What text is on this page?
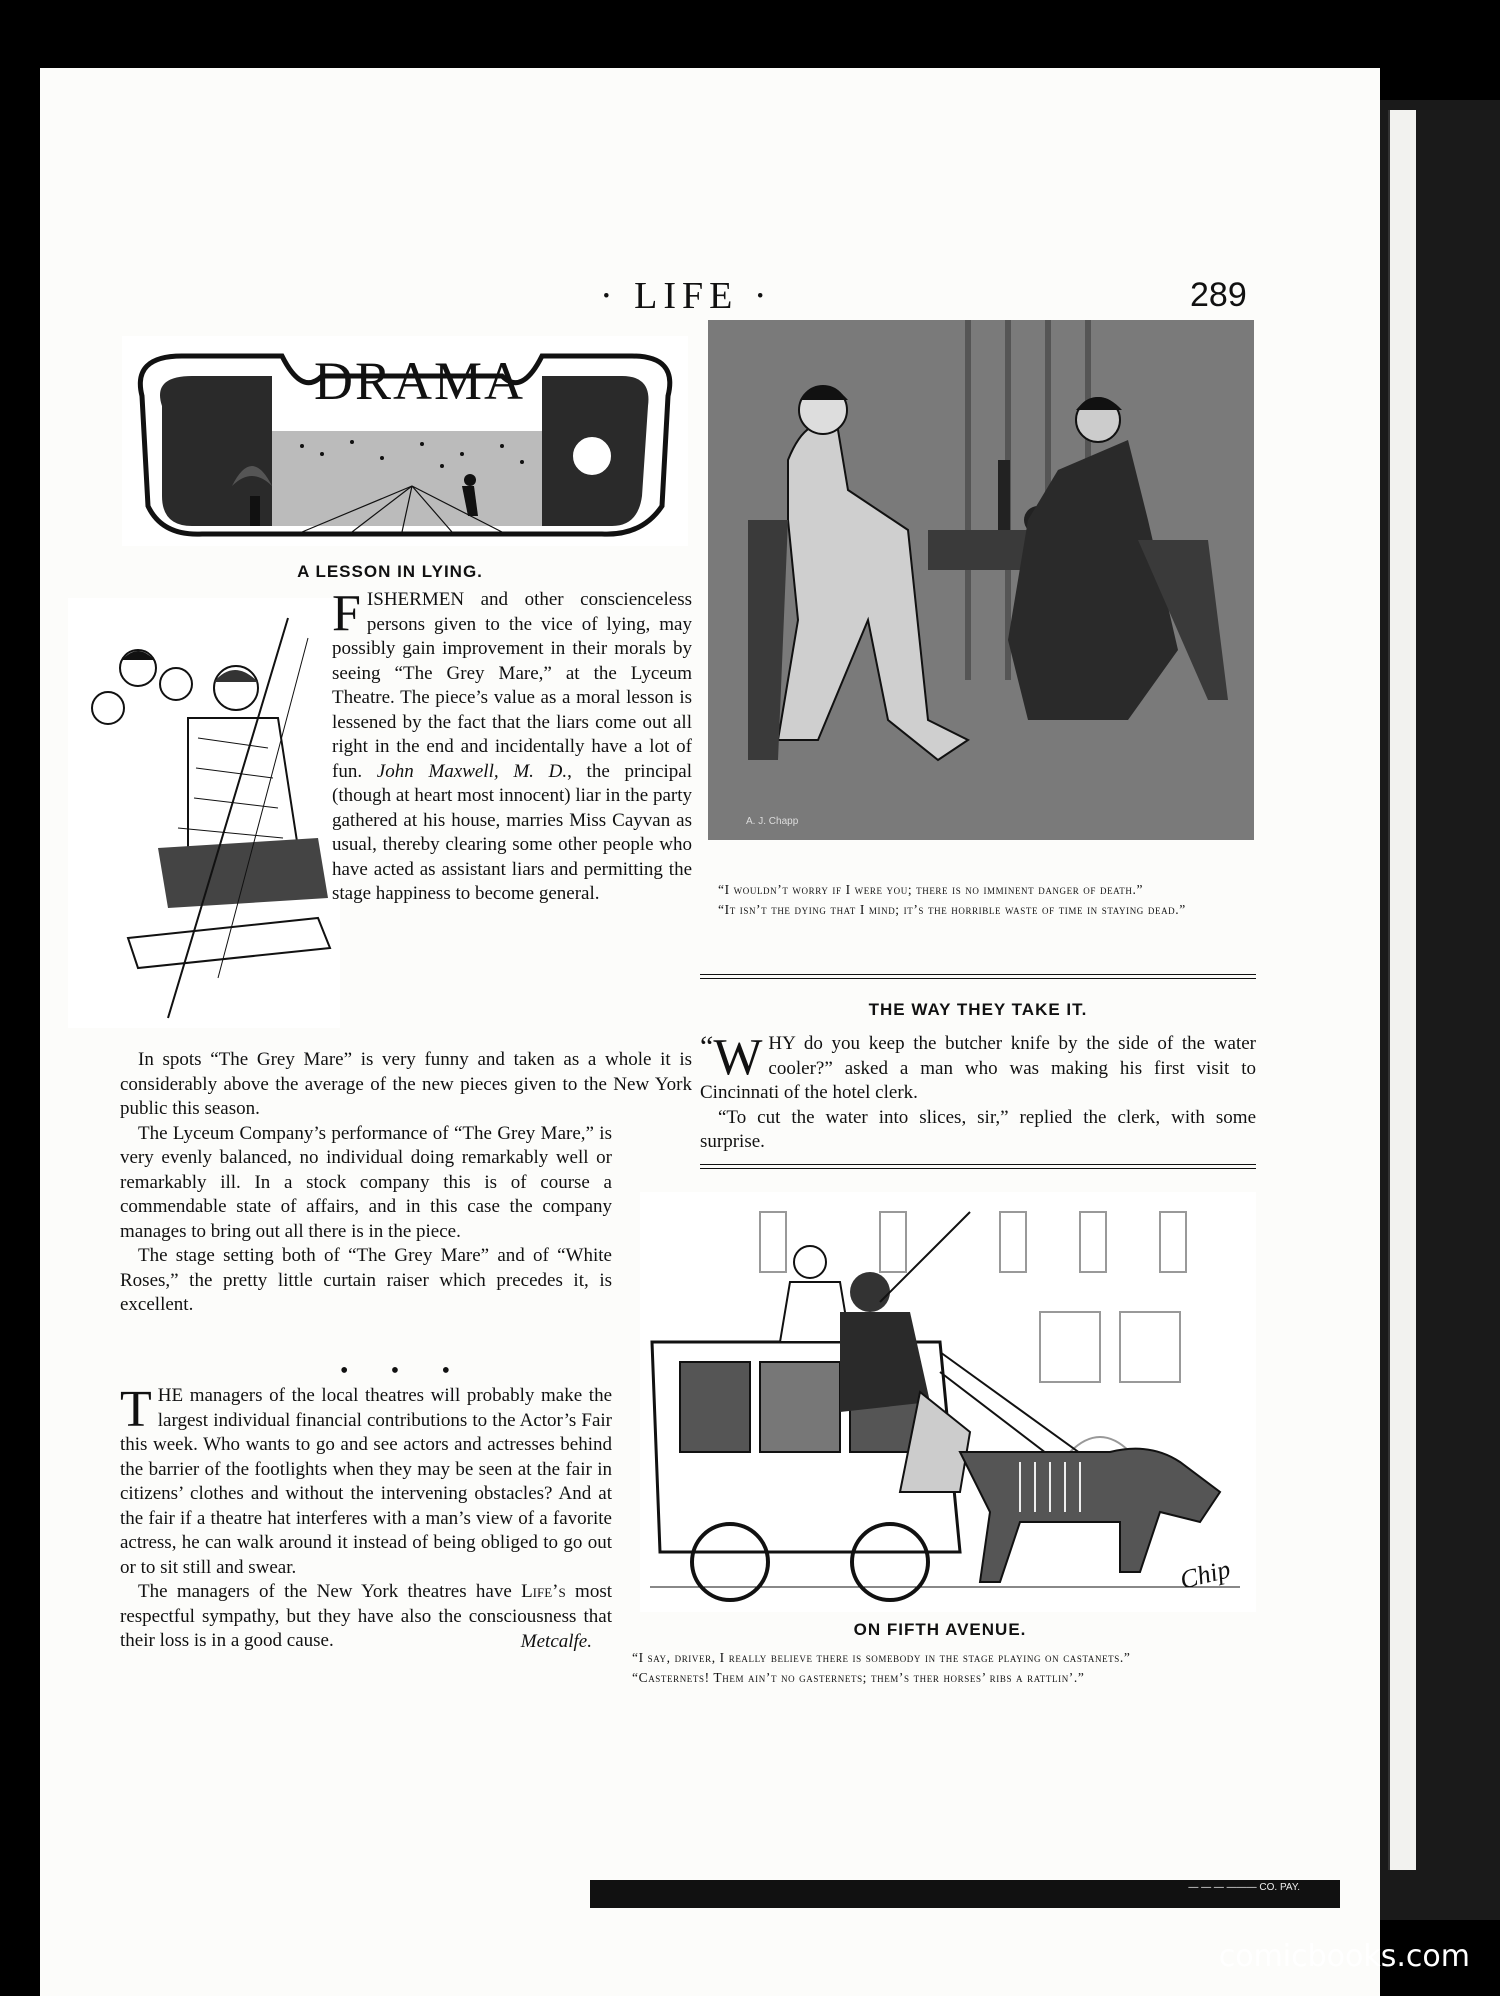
· LIFE ·	289
DRAMA
A LESSON IN LYING.
F ISHERMEN and other conscienceless persons given to the vice of lying, may possibly gain improvement in their morals by seeing “The Grey Mare,” at the Lyceum Theatre. The piece’s value as a moral lesson is lessened by the fact that the liars come out all right in the end and incidentally have a lot of fun. John Maxwell, M. D., the principal (though at heart most innocent) liar in the party gathered at his house, marries Miss Cayvan as usual, thereby clearing some other people who have acted as assistant liars and permitting the stage happiness to become general.

In spots “The Grey Mare” is very funny and taken as a whole it is considerably above the average of the new pieces given to the New York public this season.

The Lyceum Company’s performance of “The Grey Mare,” is very evenly balanced, no individual doing remarkably well or remarkably ill. In a stock company this is of course a commendable state of affairs, and in this case the company manages to bring out all there is in the piece.

The stage setting both of “The Grey Mare” and of “White Roses,” the pretty little curtain raiser which precedes it, is excellent.

• • •
T HE managers of the local theatres will probably make the largest individual financial contributions to the Actor’s Fair this week. Who wants to go and see actors and actresses behind the barrier of the footlights when they may be seen at the fair in citizens’ clothes and without the intervening obstacles? And at the fair if a theatre hat interferes with a man’s view of a favorite actress, he can walk around it instead of being obliged to go out or to sit still and swear.

The managers of the New York theatres have Life’s most respectful sympathy, but they have also the consciousness that their loss is in a good cause.	Metcalfe.
A. J. Chapp

“I wouldn’t worry if I were you; there is no imminent danger of death.”

“It isn’t the dying that I mind; it’s the horrible waste of time in staying dead.”

THE WAY THEY TAKE IT.
“ W HY do you keep the butcher knife by the side of the water cooler?” asked a man who was making his first visit to Cincinnati of the hotel clerk.

“To cut the water into slices, sir,” replied the clerk, with some surprise.

Chip
ON FIFTH AVENUE.

“I say, driver, I really believe there is somebody in the stage playing on castanets.”

“Casternets! Them ain’t no gasternets; them’s ther horses’ ribs a rattlin’.”

— — — ——— CO. PAY.
comicbooks.com
